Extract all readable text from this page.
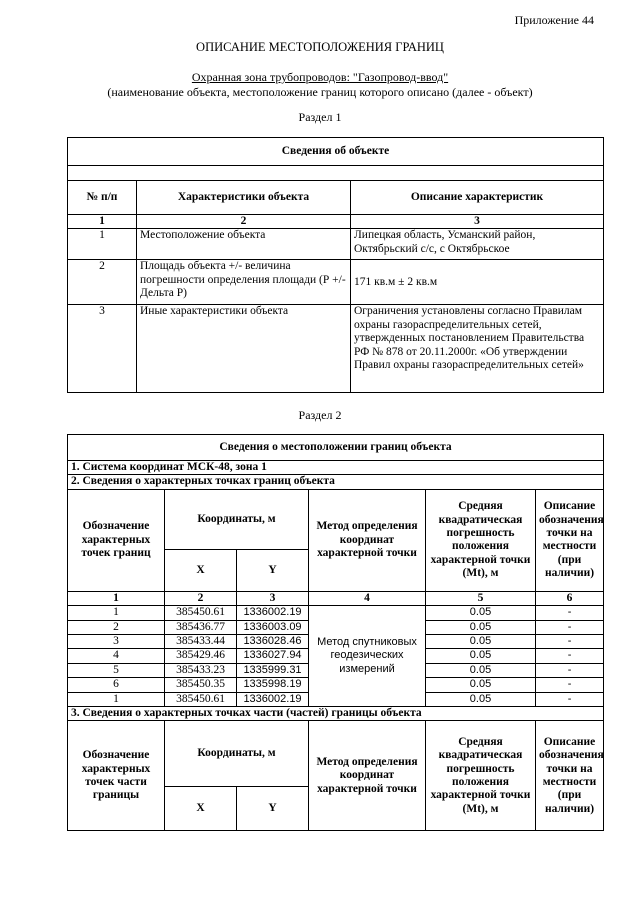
Приложение 44
ОПИСАНИЕ МЕСТОПОЛОЖЕНИЯ ГРАНИЦ
Охранная зона трубопроводов: "Газопровод-ввод"
(наименование объекта, местоположение границ которого описано (далее - объект)
Раздел 1
Сведения об объекте		

№ п/п	Характеристики объекта	Описание характеристик
1	2	3
1	Местоположение объекта	Липецкая область, Усманский район, Октябрьский с/с, с Октябрьское
2	Площадь объекта +/- величина погрешности определения площади (Р +/- Дельта Р)	171 кв.м ± 2 кв.м
3	Иные характеристики объекта	Ограничения установлены согласно Правилам охраны газораспределительных сетей, утвержденных постановлением Правительства РФ № 878 от 20.11.2000г. «Об утверждении Правил охраны газораспределительных сетей»
Раздел 2
Сведения о местоположении границ объекта					
1. Система координат МСК-48, зона 1					
2. Сведения о характерных точках границ объекта					
Обозначение характерных точек границ	Координаты, м		Метод определения координат характерной точки	Средняя квадратическая погрешность положения характерной точки (Mt), м	Описание обозначения точки на местности (при наличии)
	X	Y			
1	2	3	4	5	6
1	385450.61	1336002.19	Метод спутниковых геодезических измерений	0.05	-
2	385436.77	1336003.09		0.05	-
3	385433.44	1336028.46		0.05	-
4	385429.46	1336027.94		0.05	-
5	385433.23	1335999.31		0.05	-
6	385450.35	1335998.19		0.05	-
1	385450.61	1336002.19		0.05	-
3. Сведения о характерных точках части (частей) границы объекта					
Обозначение характерных точек части границы	Координаты, м		Метод определения координат характерной точки	Средняя квадратическая погрешность положения характерной точки (Mt), м	Описание обозначения точки на местности (при наличии)
	X	Y			
